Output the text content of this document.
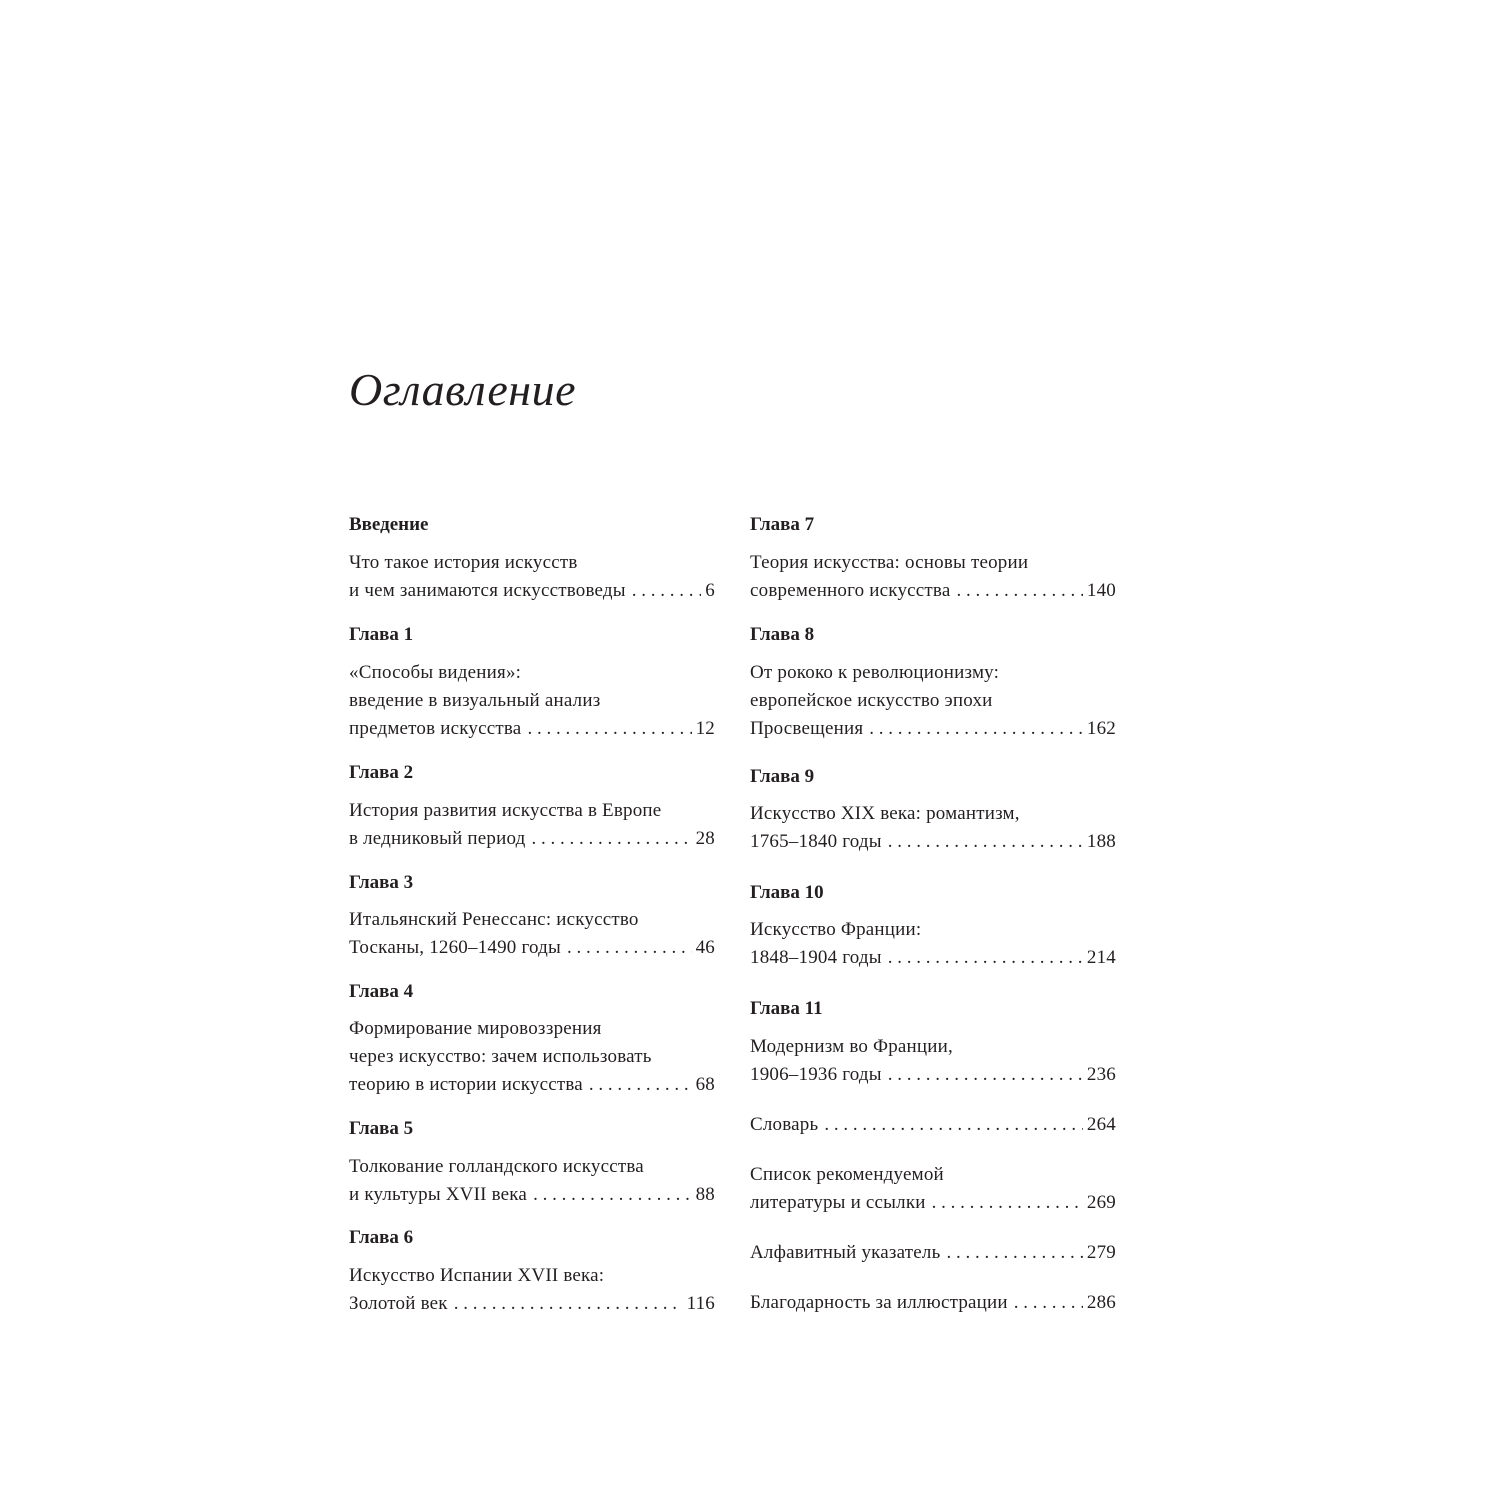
Оглавление
Введение
Что такое история искусств
и чем занимаются искусствоведы . . .	6
Глава 1
«Способы видения»:
введение в визуальный анализ
предметов искусства . . .	12
Глава 2
История развития искусства в Европе
в ледниковый период . . .	28
Глава 3
Итальянский Ренессанс: искусство
Тосканы, 1260–1490 годы . . .	46
Глава 4
Формирование мировоззрения
через искусство: зачем использовать
теорию в истории искусства . . .	68
Глава 5
Толкование голландского искусства
и культуры XVII века . . .	88
Глава 6
Искусство Испании XVII века:
Золотой век . . .	116
Глава 7
Теория искусства: основы теории
современного искусства . . .	140
Глава 8
От рококо к революционизму:
европейское искусство эпохи
Просвещения . . .	162
Глава 9
Искусство XIX века: романтизм,
1765–1840 годы . . .	188
Глава 10
Искусство Франции:
1848–1904 годы . . .	214
Глава 11
Модернизм во Франции,
1906–1936 годы . . .	236
Словарь . . .	264
Список рекомендуемой
литературы и ссылки . . .	269
Алфавитный указатель . . .	279
Благодарность за иллюстрации . . .	286
